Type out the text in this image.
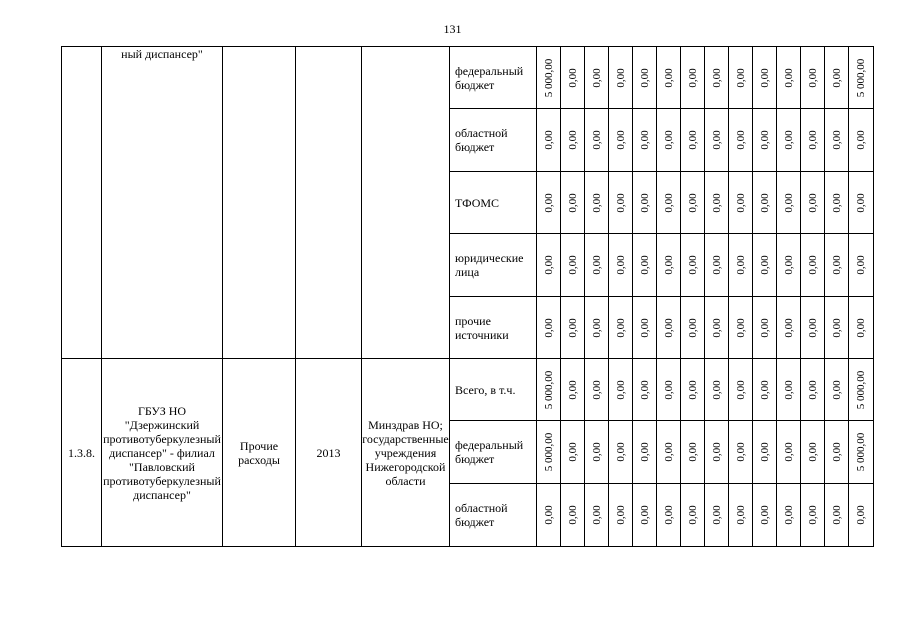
131
	ный диспансер"				федеральный бюджет	5 000,00	0,00	0,00	0,00	0,00	0,00	0,00	0,00	0,00	0,00	0,00	0,00	0,00	5 000,00

					областной бюджет	0,00	0,00	0,00	0,00	0,00	0,00	0,00	0,00	0,00	0,00	0,00	0,00	0,00	0,00

					ТФОМС	0,00	0,00	0,00	0,00	0,00	0,00	0,00	0,00	0,00	0,00	0,00	0,00	0,00	0,00

					юридические лица	0,00	0,00	0,00	0,00	0,00	0,00	0,00	0,00	0,00	0,00	0,00	0,00	0,00	0,00

					прочие источники	0,00	0,00	0,00	0,00	0,00	0,00	0,00	0,00	0,00	0,00	0,00	0,00	0,00	0,00

1.3.8.	ГБУЗ НО "Дзержинский противотуберкулезный диспансер" - филиал "Павловский противотуберкулезный диспансер"	Прочие расходы	2013	Минздрав НО; государственные учреждения Нижегородской области	Всего, в т.ч.	5 000,00	0,00	0,00	0,00	0,00	0,00	0,00	0,00	0,00	0,00	0,00	0,00	0,00	5 000,00

					федеральный бюджет	5 000,00	0,00	0,00	0,00	0,00	0,00	0,00	0,00	0,00	0,00	0,00	0,00	0,00	5 000,00

					областной бюджет	0,00	0,00	0,00	0,00	0,00	0,00	0,00	0,00	0,00	0,00	0,00	0,00	0,00	0,00
